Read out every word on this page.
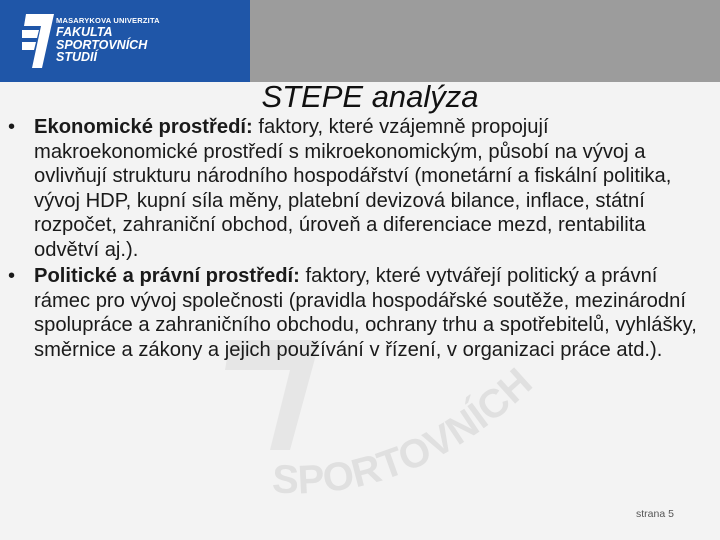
MASARYKOVA UNIVERZITA
FAKULTA
SPORTOVNÍCH
STUDIÍ
SPORTOVNÍCH
STEPE analýza
• Ekonomické prostředí: faktory, které vzájemně propojují makroekonomické prostředí s mikroekonomickým, působí na vývoj a ovlivňují strukturu národního hospodářství (monetární a fiskální politika, vývoj HDP, kupní síla měny, platební devizová bilance, inflace, státní rozpočet, zahraniční obchod, úroveň a diferenciace mezd, rentabilita odvětví aj.).
• Politické a právní prostředí: faktory, které vytvářejí politický a právní rámec pro vývoj společnosti (pravidla hospodářské soutěže, mezinárodní spolupráce a zahraničního obchodu, ochrany trhu a spotřebitelů, vyhlášky, směrnice a zákony a jejich používání v řízení, v organizaci práce atd.).
strana 5
